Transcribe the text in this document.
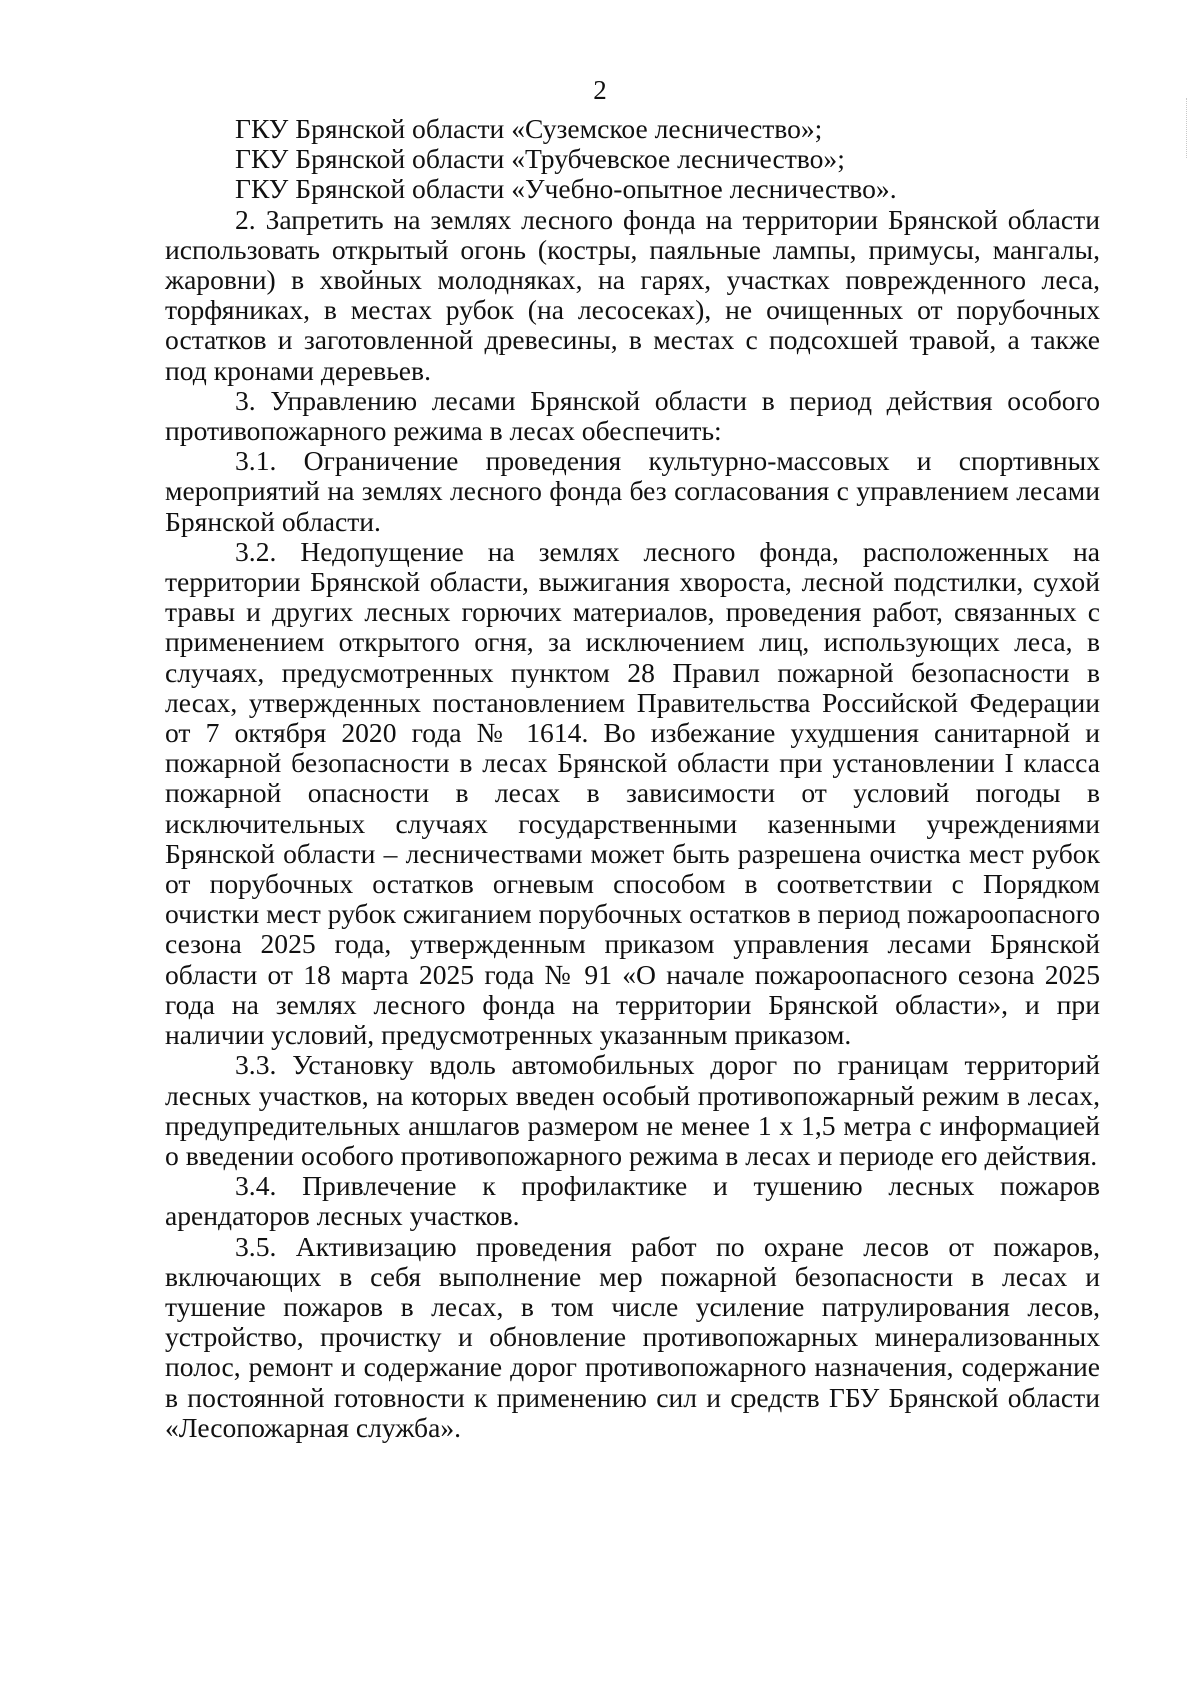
2

ГКУ Брянской области «Суземское лесничество»;

ГКУ Брянской области «Трубчевское лесничество»;

ГКУ Брянской области «Учебно-опытное лесничество».

2. Запретить на землях лесного фонда на территории Брянской области использовать открытый огонь (костры, паяльные лампы, примусы, мангалы, жаровни) в хвойных молодняках, на гарях, участках поврежденного леса, торфяниках, в местах рубок (на лесосеках), не очищенных от порубочных остатков и заготовленной древесины, в местах с подсохшей травой, а также под кронами деревьев.

3. Управлению лесами Брянской области в период действия особого противопожарного режима в лесах обеспечить:

3.1. Ограничение проведения культурно-массовых и спортивных мероприятий на землях лесного фонда без согласования с управлением лесами Брянской области.

3.2. Недопущение на землях лесного фонда, расположенных на территории Брянской области, выжигания хвороста, лесной подстилки, сухой травы и других лесных горючих материалов, проведения работ, связанных с применением открытого огня, за исключением лиц, использующих леса, в случаях, предусмотренных пунктом 28 Правил пожарной безопасности в лесах, утвержденных постановлением Правительства Российской Федерации от 7 октября 2020 года № 1614. Во избежание ухудшения санитарной и пожарной безопасности в лесах Брянской области при установлении I класса пожарной опасности в лесах в зависимости от условий погоды в исключительных случаях государственными казенными учреждениями Брянской области – лесничествами может быть разрешена очистка мест рубок от порубочных остатков огневым способом в соответствии с Порядком очистки мест рубок сжиганием порубочных остатков в период пожароопасного сезона 2025 года, утвержденным приказом управления лесами Брянской области от 18 марта 2025 года № 91 «О начале пожароопасного сезона 2025 года на землях лесного фонда на территории Брянской области», и при наличии условий, предусмотренных указанным приказом.

3.3. Установку вдоль автомобильных дорог по границам территорий лесных участков, на которых введен особый противопожарный режим в лесах, предупредительных аншлагов размером не менее 1 х 1,5 метра с информацией о введении особого противопожарного режима в лесах и периоде его действия.

3.4. Привлечение к профилактике и тушению лесных пожаров арендаторов лесных участков.

3.5. Активизацию проведения работ по охране лесов от пожаров, включающих в себя выполнение мер пожарной безопасности в лесах и тушение пожаров в лесах, в том числе усиление патрулирования лесов, устройство, прочистку и обновление противопожарных минерализованных полос, ремонт и содержание дорог противопожарного назначения, содержание в постоянной готовности к применению сил и средств ГБУ Брянской области «Лесопожарная служба».
